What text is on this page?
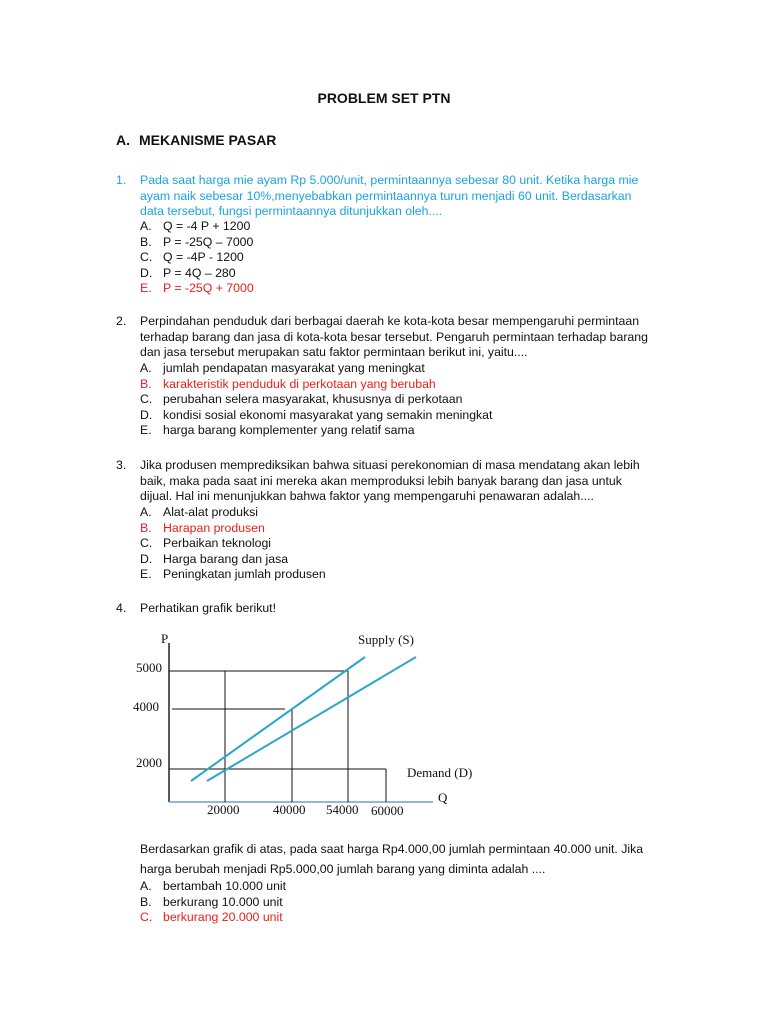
PROBLEM SET PTN
A. MEKANISME PASAR
1. Pada saat harga mie ayam Rp 5.000/unit, permintaannya sebesar 80 unit. Ketika harga mie
ayam naik sebesar 10%,menyebabkan permintaannya turun menjadi 60 unit. Berdasarkan
data tersebut, fungsi permintaannya ditunjukkan oleh....
A. Q = -4 P + 1200
B. P = -25Q – 7000
C. Q = -4P - 1200
D. P = 4Q – 280
E. P = -25Q + 7000
2. Perpindahan penduduk dari berbagai daerah ke kota-kota besar mempengaruhi permintaan
terhadap barang dan jasa di kota-kota besar tersebut. Pengaruh permintaan terhadap barang
dan jasa tersebut merupakan satu faktor permintaan berikut ini, yaitu....
A. jumlah pendapatan masyarakat yang meningkat
B. karakteristik penduduk di perkotaan yang berubah
C. perubahan selera masyarakat, khususnya di perkotaan
D. kondisi sosial ekonomi masyarakat yang semakin meningkat
E. harga barang komplementer yang relatif sama
3. Jika produsen memprediksikan bahwa situasi perekonomian di masa mendatang akan lebih
baik, maka pada saat ini mereka akan memproduksi lebih banyak barang dan jasa untuk
dijual. Hal ini menunjukkan bahwa faktor yang mempengaruhi penawaran adalah....
A. Alat-alat produksi
B. Harapan produsen
C. Perbaikan teknologi
D. Harga barang dan jasa
E. Peningkatan jumlah produsen
4. Perhatikan grafik berikut!
Berdasarkan grafik di atas, pada saat harga Rp4.000,00 jumlah permintaan 40.000 unit. Jika
harga berubah menjadi Rp5.000,00 jumlah barang yang diminta adalah ....
A. bertambah 10.000 unit
B. berkurang 10.000 unit
C. berkurang 20.000 unit
P
Q
Supply (S)
Demand (D)
5000
4000
2000
20000	40000 54000 60000
